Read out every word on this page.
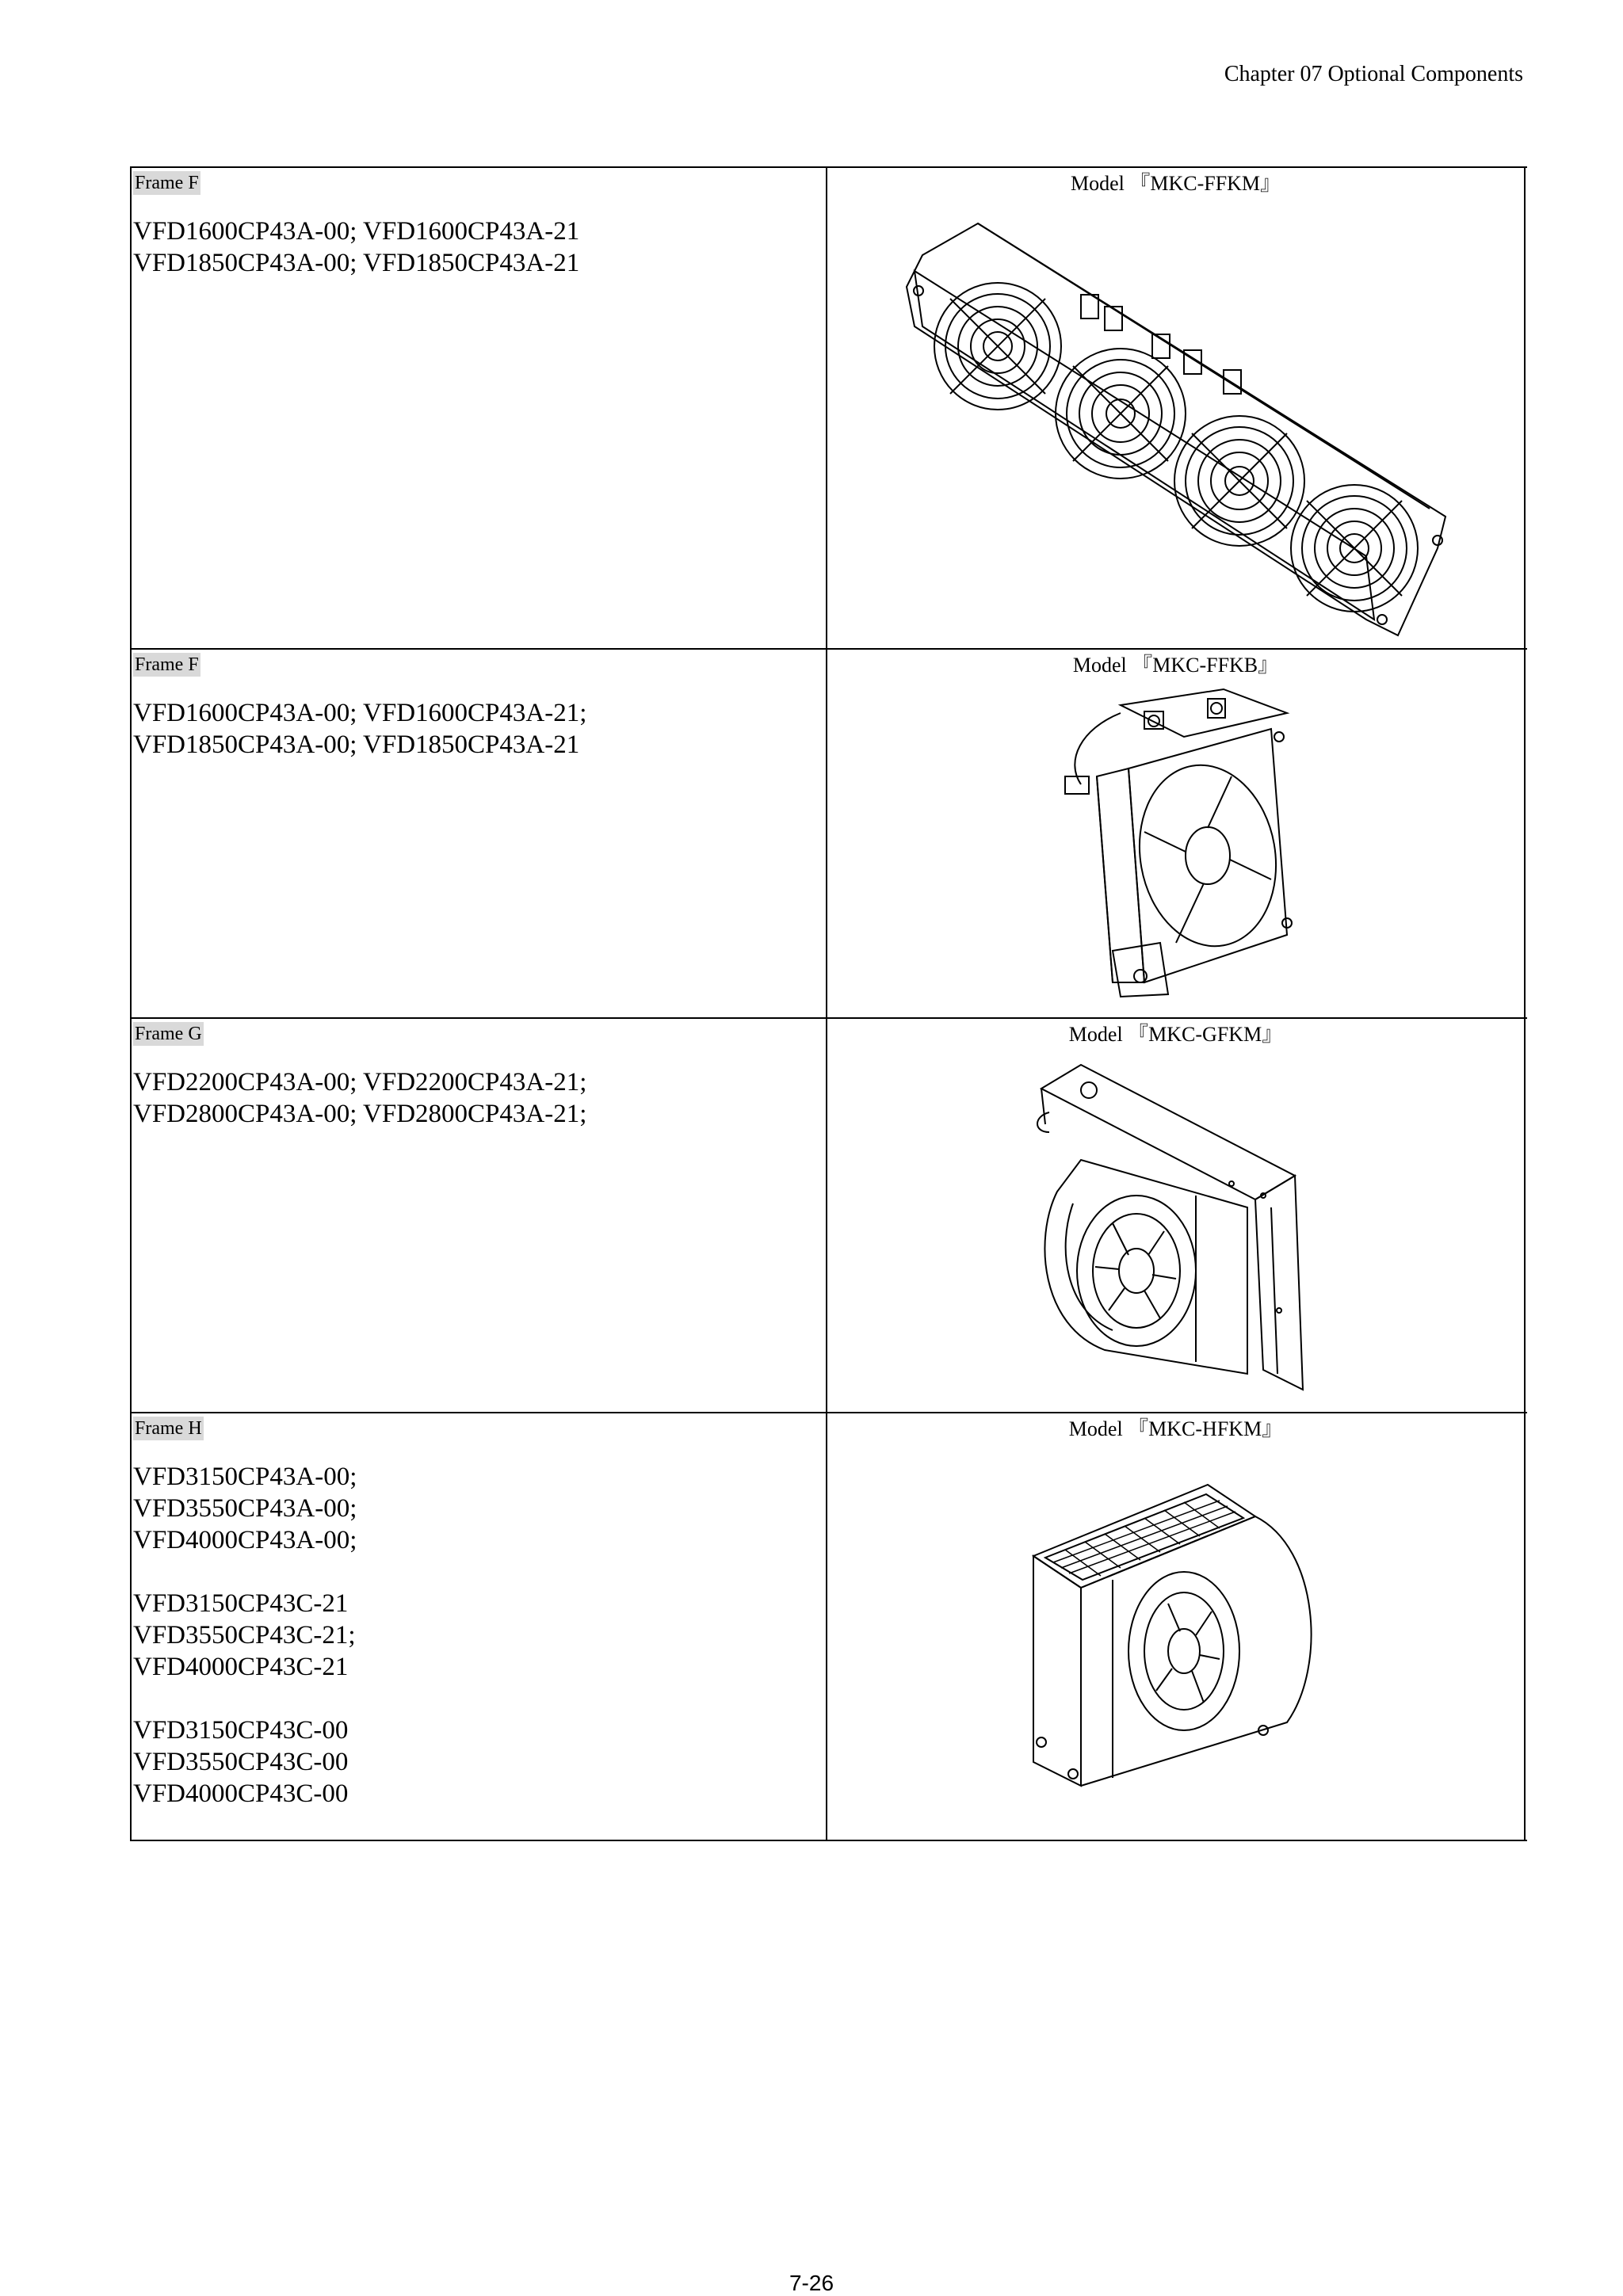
Chapter 07 Optional Components
Frame F
VFD1600CP43A-00; VFD1600CP43A-21
VFD1850CP43A-00; VFD1850CP43A-21
Model 『MKC-FFKM』
Frame F
VFD1600CP43A-00; VFD1600CP43A-21;
VFD1850CP43A-00; VFD1850CP43A-21
Model 『MKC-FFKB』
Frame G
VFD2200CP43A-00; VFD2200CP43A-21;
VFD2800CP43A-00; VFD2800CP43A-21;
Model 『MKC-GFKM』
Frame H
VFD3150CP43A-00;
VFD3550CP43A-00;
VFD4000CP43A-00;
VFD3150CP43C-21
VFD3550CP43C-21;
VFD4000CP43C-21
VFD3150CP43C-00
VFD3550CP43C-00
VFD4000CP43C-00
Model 『MKC-HFKM』
7-26
